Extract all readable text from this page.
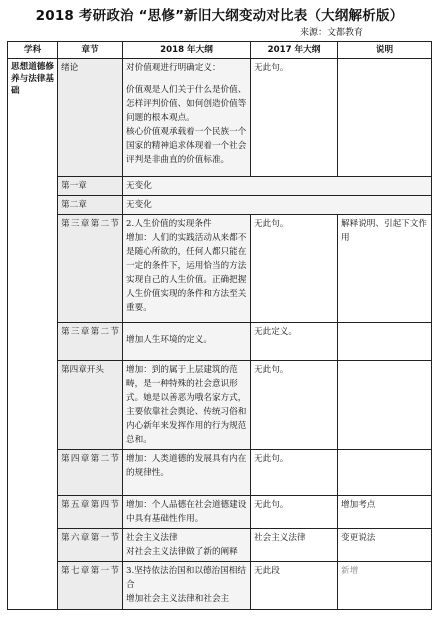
2018 考研政治 “思修”新旧大纲变动对比表（大纲解析版）
来源：文都教育
学科	章节	2018 年大纲	2017 年大纲	说明
思想道德修养与法律基础	绪论	对价值观进行明确定义：
价值观是人们关于什么是价值、怎样评判价值、如何创造价值等问题的根本观点。
核心价值观承载着一个民族一个国家的精神追求体现着一个社会评判是非曲直的价值标准。	无此句。	
	第一章	无变化		
	第二章	无变化		
	第三章第二节	2.人生价值的实现条件
增加：人们的实践活动从来都不是随心所欲的，任何人都只能在一定的条件下，运用恰当的方法实现自己的人生价值。正确把握人生价值实现的条件和方法至关重要。	无此句。	解释说明、引起下文作用
	第三章第二节	增加人生环境的定义。	无此定义。	
	第四章开头	增加：到的属于上层建筑的范畴，是一种特殊的社会意识形式。她是以善恶为哦名家方式，主要依靠社会舆论、传统习俗和内心新年来发挥作用的行为规范总和。	无此句。	
	第四章第二节	增加：人类道德的发展具有内在的规律性。	无此句。	
	第五章第四节	增加：个人品德在社会道德建设中具有基础性作用。	无此句。	增加考点
	第六章第一节	社会主义法律
对社会主义法律做了新的阐释	社会主义法律	变更说法
	第七章第一节	3.坚持依法治国和以德治国相结合
增加社会主义法律和社会主	无此段	新增
